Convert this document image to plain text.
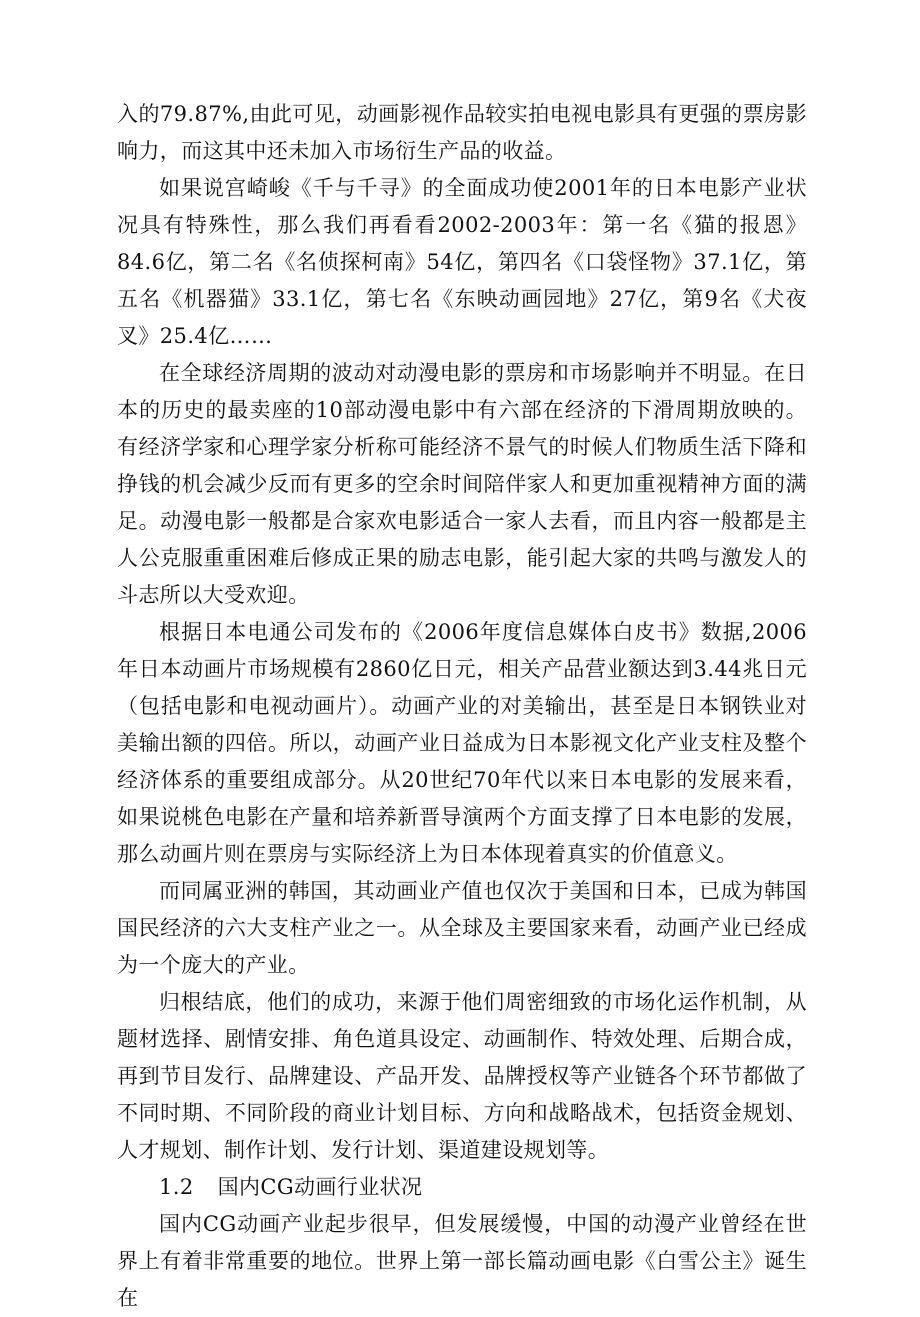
入的79.87%,由此可见，动画影视作品较实拍电视电影具有更强的票房影响力，而这其中还未加入市场衍生产品的收益。

如果说宫崎峻《千与千寻》的全面成功使2001年的日本电影产业状况具有特殊性，那么我们再看看2002-2003年：第一名《猫的报恩》84.6亿，第二名《名侦探柯南》54亿，第四名《口袋怪物》37.1亿，第五名《机器猫》33.1亿，第七名《东映动画园地》27亿，第9名《犬夜叉》25.4亿……

在全球经济周期的波动对动漫电影的票房和市场影响并不明显。在日本的历史的最卖座的10部动漫电影中有六部在经济的下滑周期放映的。有经济学家和心理学家分析称可能经济不景气的时候人们物质生活下降和挣钱的机会减少反而有更多的空余时间陪伴家人和更加重视精神方面的满足。动漫电影一般都是合家欢电影适合一家人去看，而且内容一般都是主人公克服重重困难后修成正果的励志电影，能引起大家的共鸣与激发人的斗志所以大受欢迎。

根据日本电通公司发布的《2006年度信息媒体白皮书》数据,2006年日本动画片市场规模有2860亿日元，相关产品营业额达到3.44兆日元（包括电影和电视动画片）。动画产业的对美输出，甚至是日本钢铁业对美输出额的四倍。所以，动画产业日益成为日本影视文化产业支柱及整个经济体系的重要组成部分。从20世纪70年代以来日本电影的发展来看，如果说桃色电影在产量和培养新晋导演两个方面支撑了日本电影的发展，那么动画片则在票房与实际经济上为日本体现着真实的价值意义。

而同属亚洲的韩国，其动画业产值也仅次于美国和日本，已成为韩国国民经济的六大支柱产业之一。从全球及主要国家来看，动画产业已经成为一个庞大的产业。

归根结底，他们的成功，来源于他们周密细致的市场化运作机制，从题材选择、剧情安排、角色道具设定、动画制作、特效处理、后期合成，再到节目发行、品牌建设、产品开发、品牌授权等产业链各个环节都做了不同时期、不同阶段的商业计划目标、方向和战略战术，包括资金规划、人才规划、制作计划、发行计划、渠道建设规划等。

1.2 国内CG动画行业状况

国内CG动画产业起步很早，但发展缓慢，中国的动漫产业曾经在世界上有着非常重要的地位。世界上第一部长篇动画电影《白雪公主》诞生在
